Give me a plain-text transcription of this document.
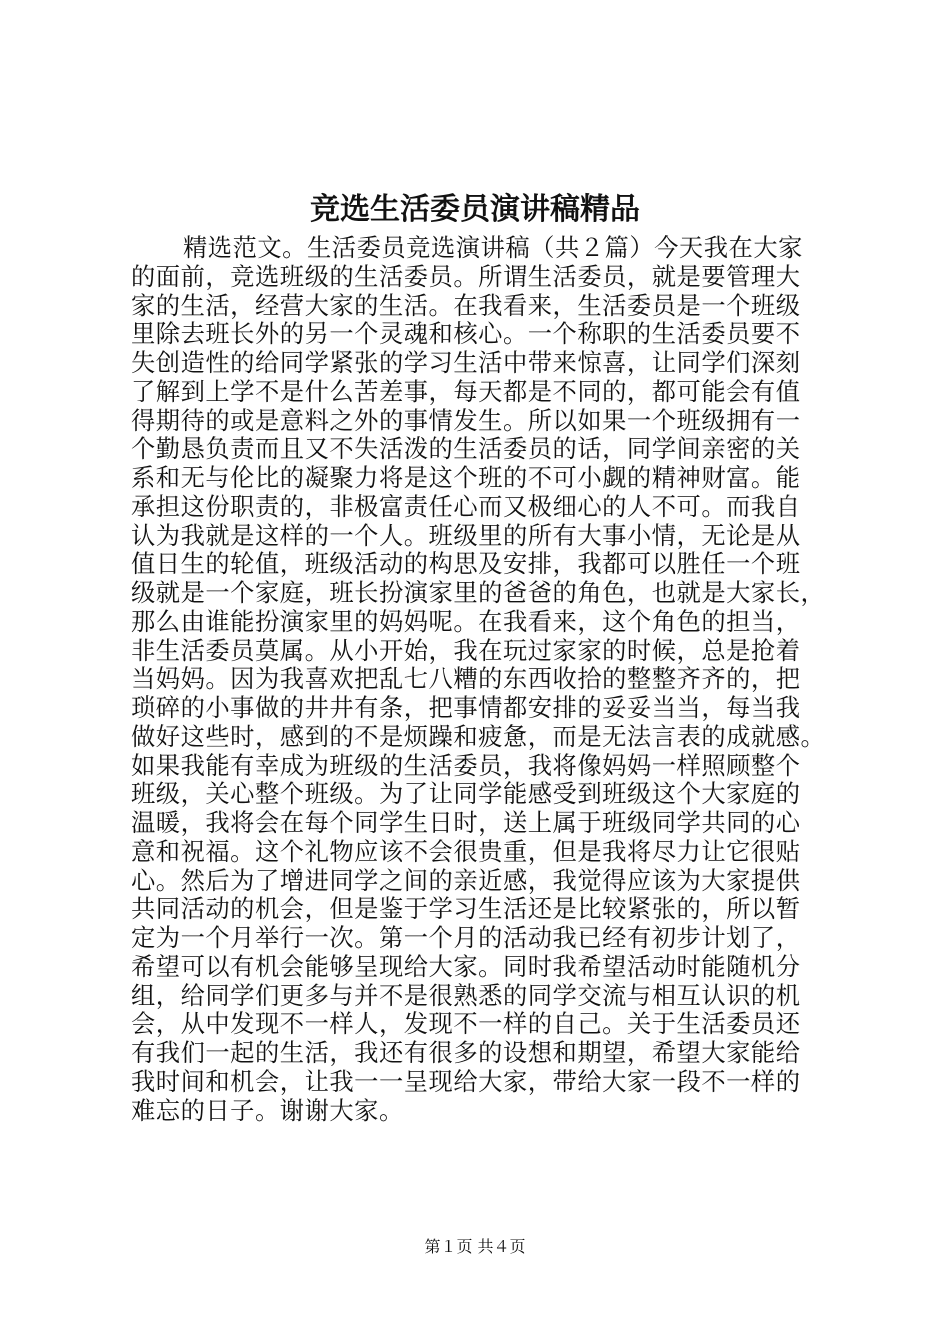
竞选生活委员演讲稿精品
精选范文。生活委员竞选演讲稿（共２篇）今天我在大家
的面前，竞选班级的生活委员。所谓生活委员，就是要管理大
家的生活，经营大家的生活。在我看来，生活委员是一个班级
里除去班长外的另一个灵魂和核心。一个称职的生活委员要不
失创造性的给同学紧张的学习生活中带来惊喜，让同学们深刻
了解到上学不是什么苦差事，每天都是不同的，都可能会有值
得期待的或是意料之外的事情发生。所以如果一个班级拥有一
个勤恳负责而且又不失活泼的生活委员的话，同学间亲密的关
系和无与伦比的凝聚力将是这个班的不可小觑的精神财富。能
承担这份职责的，非极富责任心而又极细心的人不可。而我自
认为我就是这样的一个人。班级里的所有大事小情，无论是从
值日生的轮值，班级活动的构思及安排，我都可以胜任一个班
级就是一个家庭，班长扮演家里的爸爸的角色，也就是大家长，
那么由谁能扮演家里的妈妈呢。在我看来，这个角色的担当，
非生活委员莫属。从小开始，我在玩过家家的时候，总是抢着
当妈妈。因为我喜欢把乱七八糟的东西收拾的整整齐齐的，把
琐碎的小事做的井井有条，把事情都安排的妥妥当当，每当我
做好这些时，感到的不是烦躁和疲惫，而是无法言表的成就感。
如果我能有幸成为班级的生活委员，我将像妈妈一样照顾整个
班级，关心整个班级。为了让同学能感受到班级这个大家庭的
温暖，我将会在每个同学生日时，送上属于班级同学共同的心
意和祝福。这个礼物应该不会很贵重，但是我将尽力让它很贴
心。然后为了增进同学之间的亲近感，我觉得应该为大家提供
共同活动的机会，但是鉴于学习生活还是比较紧张的，所以暂
定为一个月举行一次。第一个月的活动我已经有初步计划了，
希望可以有机会能够呈现给大家。同时我希望活动时能随机分
组，给同学们更多与并不是很熟悉的同学交流与相互认识的机
会，从中发现不一样人，发现不一样的自己。关于生活委员还
有我们一起的生活，我还有很多的设想和期望，希望大家能给
我时间和机会，让我一一呈现给大家，带给大家一段不一样的
难忘的日子。谢谢大家。
第１页 共４页
